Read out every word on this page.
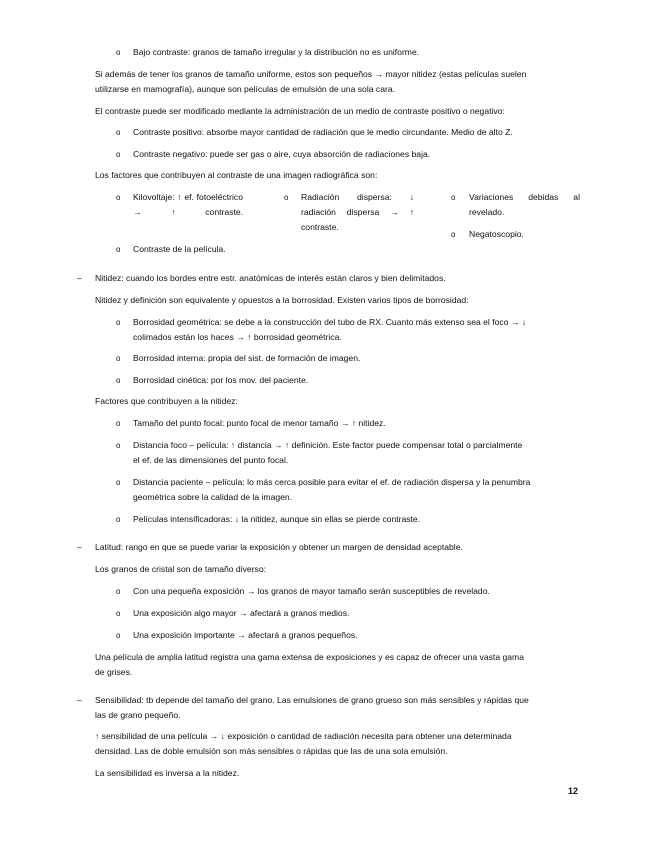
o
o
o
o	o	o
o
o
–
o
o
o
o
o
o
o
–
o
o
o
–
Bajo contraste: granos de tamaño irregular y la distribución no es uniforme.
Si además de tener los granos de tamaño uniforme, estos son pequeños → mayor nitidez (estas películas suelen
utilizarse en mamografía), aunque son películas de emulsión de una sola cara.
El contraste puede ser modificado mediante la administración de un medio de contraste positivo o negativo:
Contraste positivo: absorbe mayor cantidad de radiación que le medio circundante. Medio de alto Z.
Contraste negativo: puede ser gas o aire, cuya absorción de radiaciones baja.
Los factores que contribuyen al contraste de una imagen radiográfica son:
Kilovoltaje: ↑ ef. fotoeléctrico → ↑ contraste.
Radiación dispersa: ↓ radiación dispersa → ↑ contraste.
Variaciones debidas al revelado.
Negatoscopio.
Contraste de la película.
Nitidez: cuando los bordes entre estr. anatómicas de interés están claros y bien delimitados.
Nitidez y definición son equivalente y opuestos a la borrosidad. Existen varios tipos de borrosidad:
Borrosidad geométrica: se debe a la construcción del tubo de RX. Cuanto más extenso sea el foco → ↓
colimados están los haces → ↑ borrosidad geométrica.
Borrosidad interna: propia del sist. de formación de imagen.
Borrosidad cinética: por los mov. del paciente.
Factores que contribuyen a la nitidez:
Tamaño del punto focal: punto focal de menor tamaño → ↑ nitidez.
Distancia foco – película: ↑ distancia → ↑ definición. Este factor puede compensar total o parcialmente
el ef. de las dimensiones del punto focal.
Distancia paciente – película: lo más cerca posible para evitar el ef. de radiación dispersa y la penumbra
geométrica sobre la calidad de la imagen.
Películas intensificadoras: ↓ la nitidez, aunque sin ellas se pierde contraste.
Latitud: rango en que se puede variar la exposición y obtener un margen de densidad aceptable.
Los granos de cristal son de tamaño diverso:
Con una pequeña exposición → los granos de mayor tamaño serán susceptibles de revelado.
Una exposición algo mayor → afectará a granos medios.
Una exposición importante → afectará a granos pequeños.
Una película de amplia latitud registra una gama extensa de exposiciones y es capaz de ofrecer una vasta gama
de grises.
Sensibilidad: tb depende del tamaño del grano. Las emulsiones de grano grueso son más sensibles y rápidas que
las de grano pequeño.
↑ sensibilidad de una película → ↓ exposición o cantidad de radiación necesita para obtener una determinada
densidad. Las de doble emulsión son más sensibles o rápidas que las de una sola emulsión.
La sensibilidad es inversa a la nitidez.
12
